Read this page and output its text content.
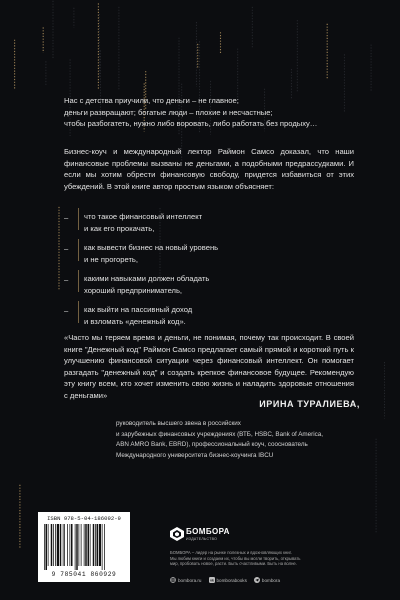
Нас с детства приучили, что деньги – не главное;
деньги развращают; богатые люди – плохие и несчастные;
чтобы разбогатеть, нужно либо воровать, либо работать без продыху…
Бизнес-коуч и международный лектор Раймон Самсо доказал, что наши финансовые проблемы вызваны не деньгами, а подобными предрассудками. И если мы хотим обрести финансовую свободу, придется избавиться от этих убеждений. В этой книге автор простым языком объясняет:
– что такое финансовый интеллект
и как его прокачать,
– как вывести бизнес на новый уровень
и не прогореть,
– какими навыками должен обладать
хороший предприниматель,
– как выйти на пассивный доход
и взломать «денежный код».
«Часто мы теряем время и деньги, не понимая, почему так происходит. В своей книге "Денежный код" Раймон Самсо предлагает самый прямой и короткий путь к улучшению финансовой ситуации через финансовый интеллект. Он помогает разгадать "денежный код" и создать крепкое финансовое будущее. Рекомендую эту книгу всем, кто хочет изменить свою жизнь и наладить здоровые отношения с деньгами»
ИРИНА ТУРАЛИЕВА,
руководитель высшего звена в российских
и зарубежных финансовых учреждениях (ВТБ, HSBC, Bank of America,
ABN AMRO Bank, EBRD), профессиональный коуч, сооснователь
Международного университета бизнес-коучинга IBCU
ISBN 978-5-04-186092-9
9 785041 860929
БОМБОРА
ИЗДАТЕЛЬСТВО
БОМБОРА – лидер на рынке полезных и вдохновляющих книг.
Мы любим книги и создаем их, чтобы вы могли творить, открывать
мир, пробовать новое, расти. Быть счастливыми. Быть на волне.
bombora.ru vk bomborabooks	bombora
